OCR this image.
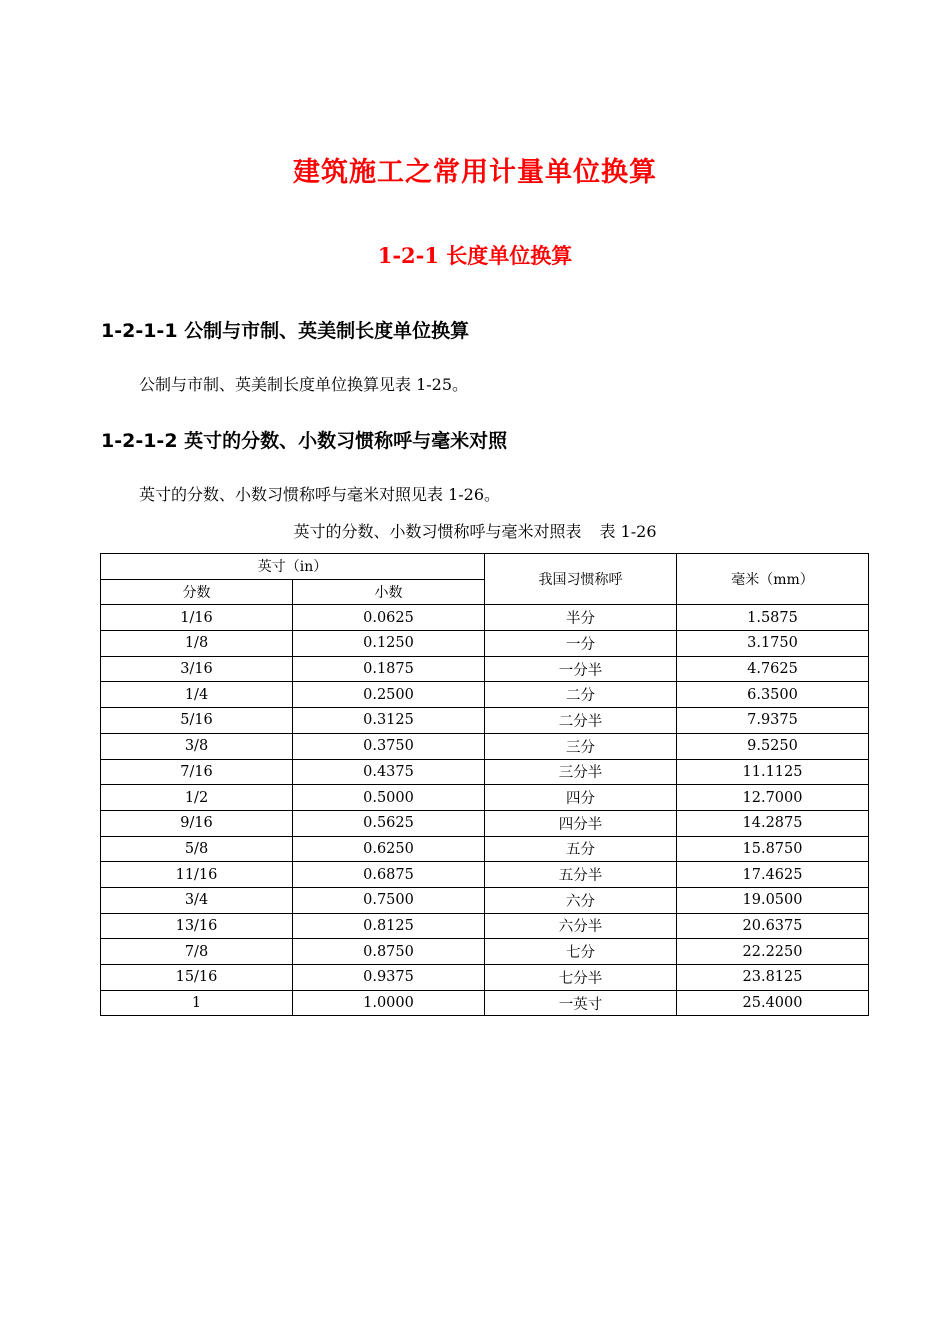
建筑施工之常用计量单位换算
1-2-1 长度单位换算
1-2-1-1 公制与市制、英美制长度单位换算
公制与市制、英美制长度单位换算见表 1-25。
1-2-1-2 英寸的分数、小数习惯称呼与毫米对照
英寸的分数、小数习惯称呼与毫米对照见表 1-26。
英寸的分数、小数习惯称呼与毫米对照表 表 1-26
英寸（in）		我国习惯称呼	毫米（mm）
分数	小数		
1/16	0.0625	半分	1.5875
1/8	0.1250	一分	3.1750
3/16	0.1875	一分半	4.7625
1/4	0.2500	二分	6.3500
5/16	0.3125	二分半	7.9375
3/8	0.3750	三分	9.5250
7/16	0.4375	三分半	11.1125
1/2	0.5000	四分	12.7000
9/16	0.5625	四分半	14.2875
5/8	0.6250	五分	15.8750
11/16	0.6875	五分半	17.4625
3/4	0.7500	六分	19.0500
13/16	0.8125	六分半	20.6375
7/8	0.8750	七分	22.2250
15/16	0.9375	七分半	23.8125
1	1.0000	一英寸	25.4000
